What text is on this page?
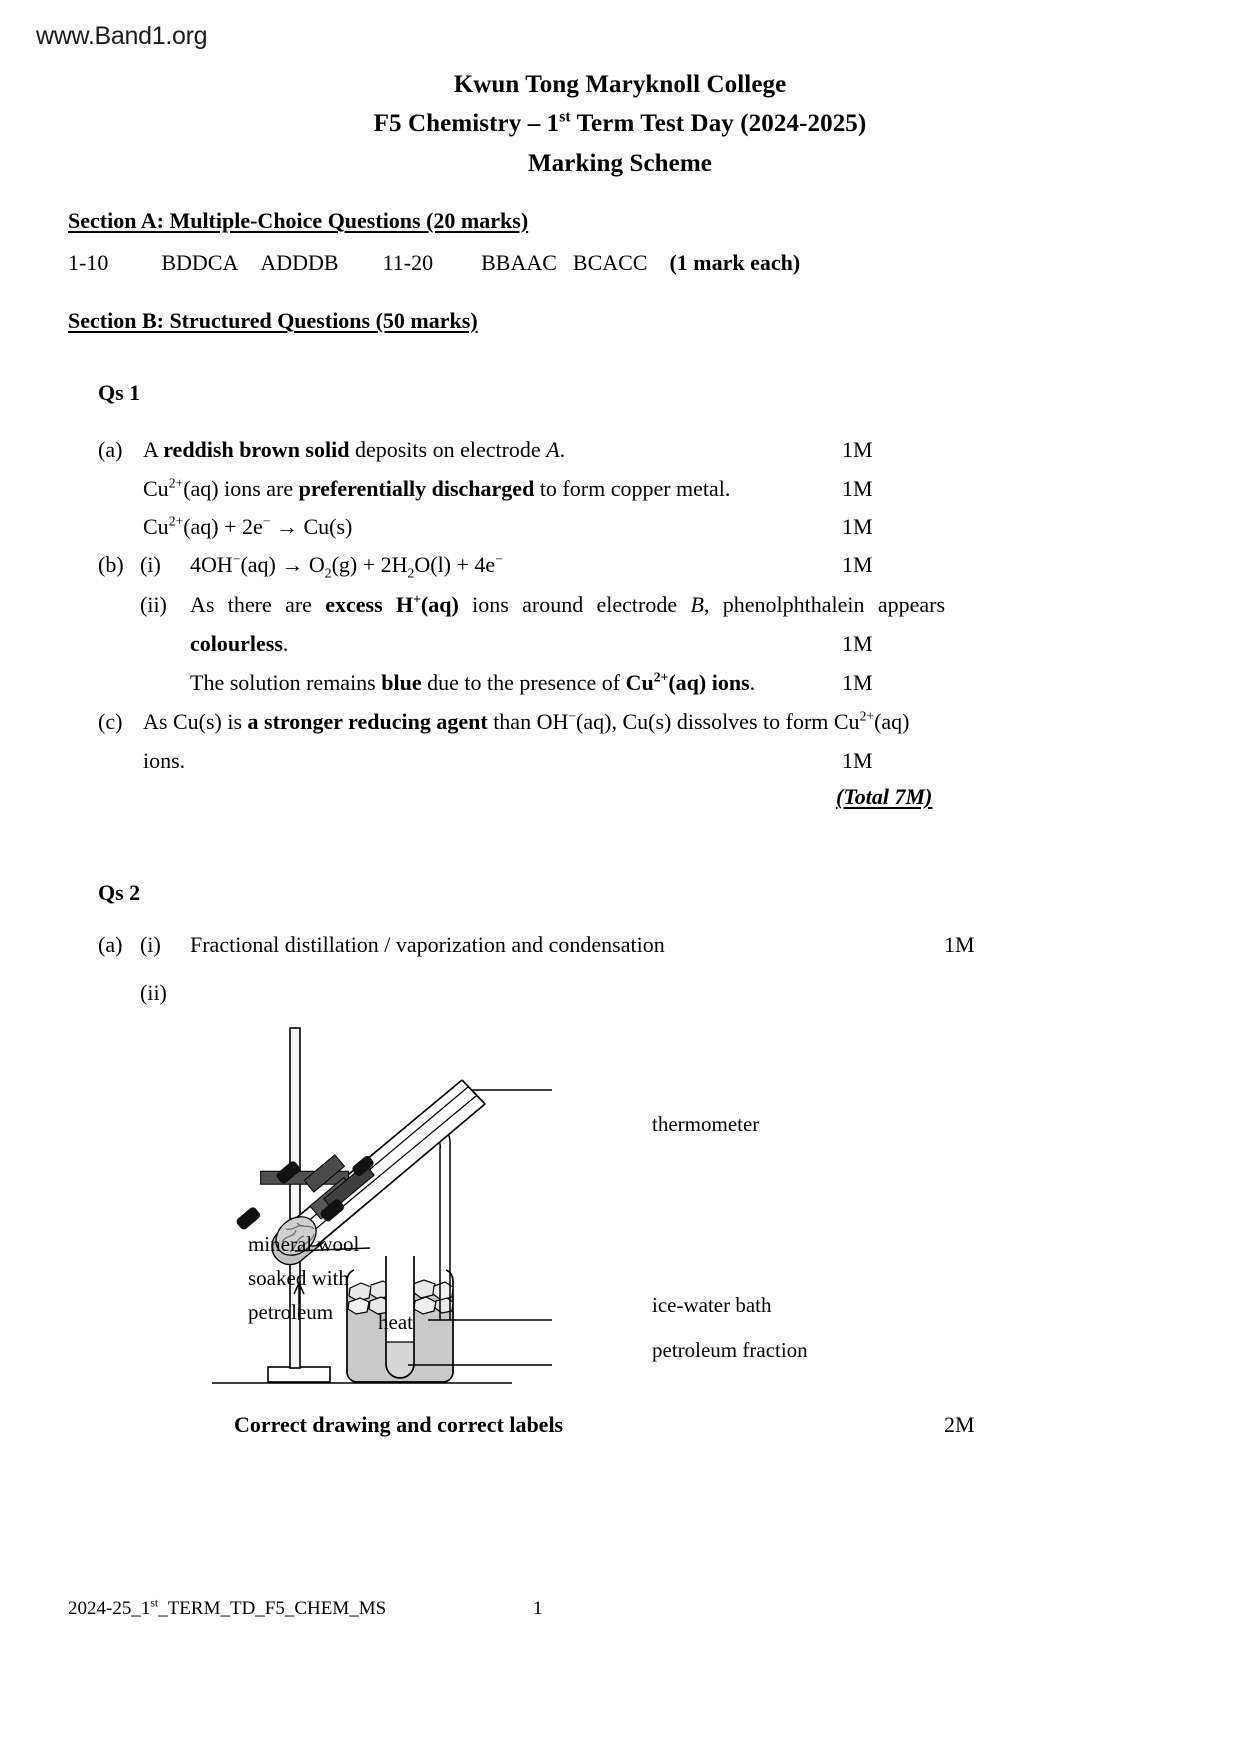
www.Band1.org
Kwun Tong Maryknoll College
F5 Chemistry – 1st Term Test Day (2024-2025)
Marking Scheme
Section A: Multiple-Choice Questions (20 marks)
1-10 BDDCA ADDDB 11-20 BBAAC BCACC (1 mark each)
Section B: Structured Questions (50 marks)
Qs 1
(a) A reddish brown solid deposits on electrode A.	1M
$Cu^{2+}(aq)$ ions are preferentially discharged to form copper metal.	1M
$Cu^{2+}(aq) + 2e^- \to Cu(s)$	1M
(b) (i) $4OH^-(aq) \to O_2(g) + 2H_2O(l) + 4e^-$	1M
(ii) As there are excess H+(aq) ions around electrode B, phenolphthalein appears
colourless.	1M
The solution remains blue due to the presence of $Cu^{2+}(aq)$ ions.	1M
(c) As Cu(s) is a stronger reducing agent than OH−(aq), Cu(s) dissolves to form $Cu^{2+}(aq)$
ions.	1M
(Total 7M)
Qs 2
(a) (i) Fractional distillation / vaporization and condensation	1M
(ii)
thermometer
mineral wool
soaked with
petroleum heat
ice-water bath
petroleum fraction
Correct drawing and correct labels	2M
2024-25_1st_TERM_TD_F5_CHEM_MS	1
